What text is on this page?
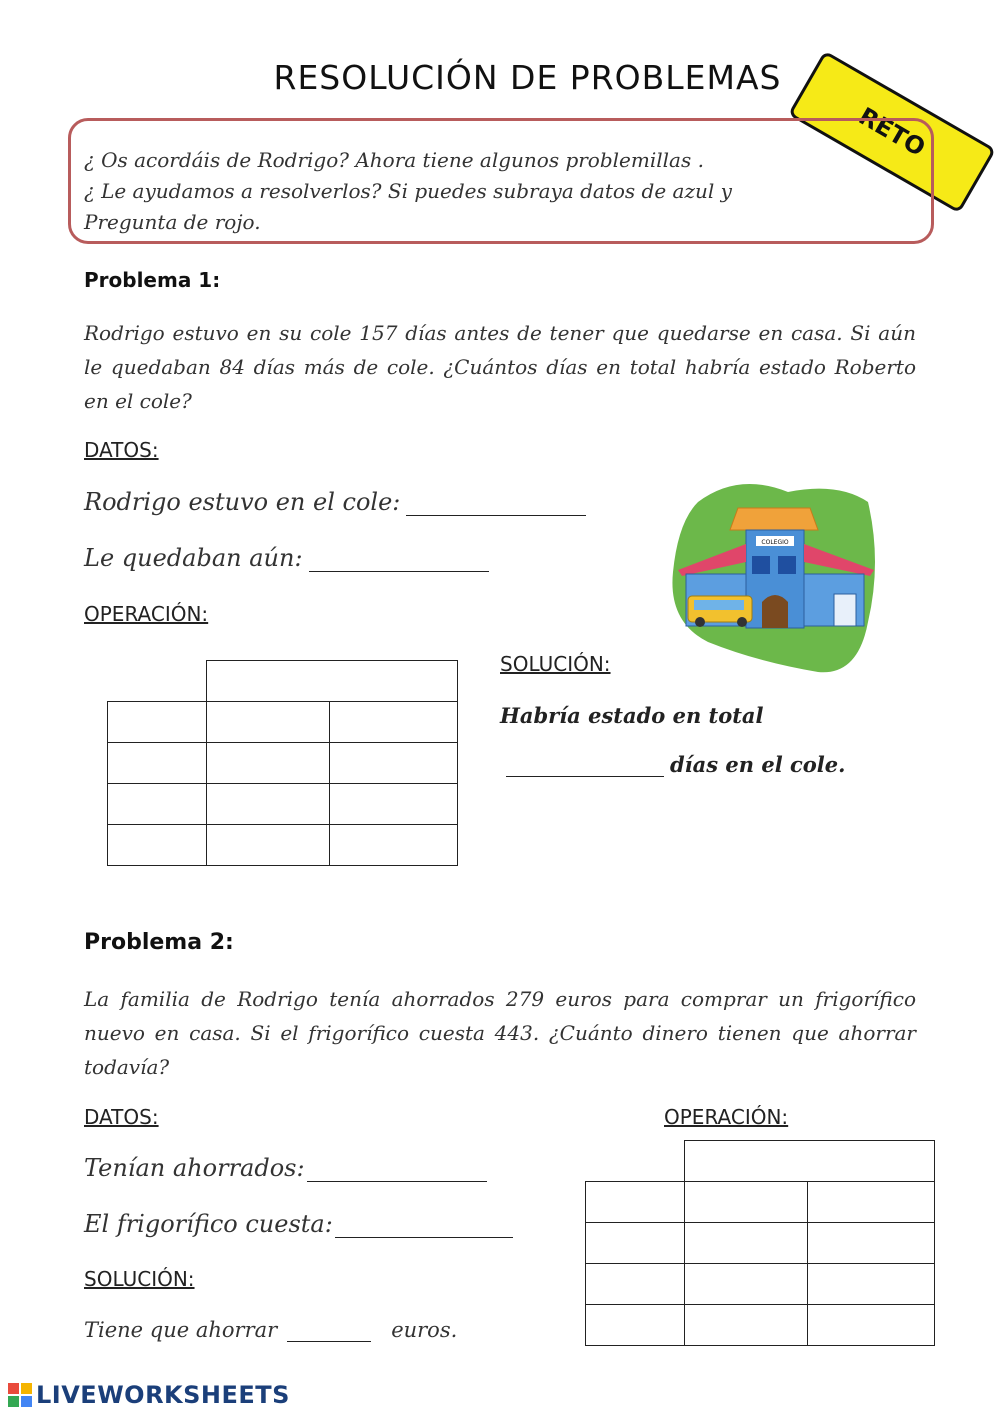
RESOLUCIÓN DE PROBLEMAS
RETO
¿ Os acordáis de Rodrigo? Ahora tiene algunos problemillas .
¿ Le ayudamos a resolverlos? Si puedes subraya datos de azul y
Pregunta de rojo.
Problema 1:
Rodrigo estuvo en su cole 157 días antes de tener que quedarse en casa. Si aún le quedaban 84 días más de cole. ¿Cuántos días en total habría estado Roberto en el cole?
DATOS:
Rodrigo estuvo en el cole:
Le quedaban aún:
OPERACIÓN:
COLEGIO

SOLUCIÓN:
Habría estado en total
días en el cole.
Problema 2:
La familia de Rodrigo tenía ahorrados 279 euros para comprar un frigorífico nuevo en casa. Si el frigorífico cuesta 443. ¿Cuánto dinero tienen que ahorrar todavía?
DATOS:	OPERACIÓN:
Tenían ahorrados:
El frigorífico cuesta:
SOLUCIÓN:
Tiene que ahorrar	euros.

LIVEWORKSHEETS
